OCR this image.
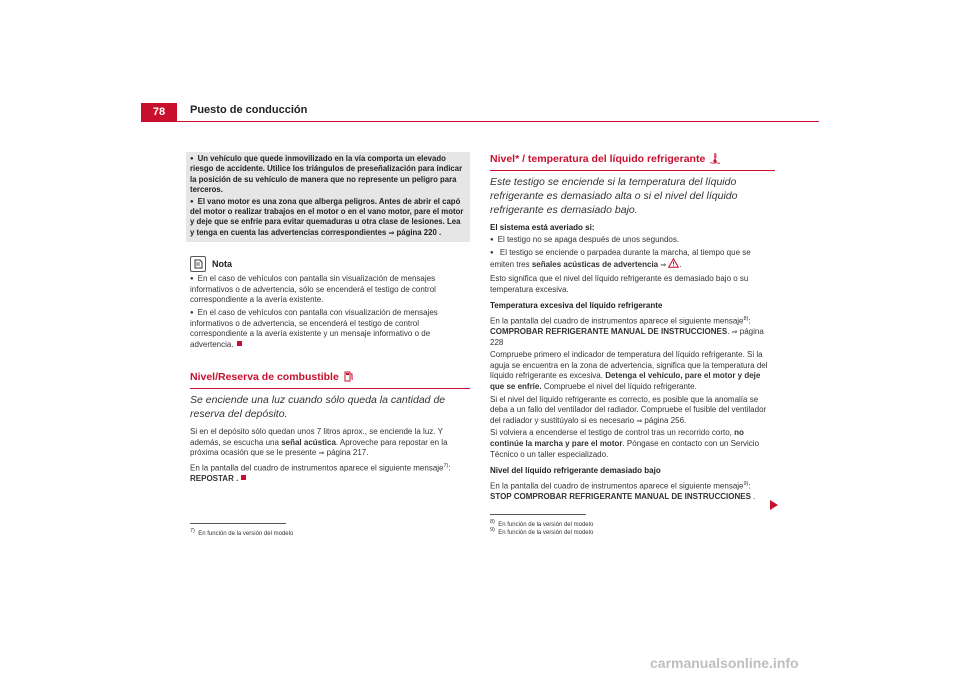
78	Puesto de conducción

● Un vehículo que quede inmovilizado en la vía comporta un elevado riesgo de accidente. Utilice los triángulos de preseñalización para indicar la posición de su vehículo de manera que no represente un peligro para terceros.

● El vano motor es una zona que alberga peligros. Antes de abrir el capó del motor o realizar trabajos en el motor o en el vano motor, pare el motor y deje que se enfríe para evitar quemaduras u otra clase de lesiones. Lea y tenga en cuenta las advertencias correspondientes ⇒ página 220 .

Nota

● En el caso de vehículos con pantalla sin visualización de mensajes informativos o de advertencia, sólo se encenderá el testigo de control correspondiente a la avería existente.

● En el caso de vehículos con pantalla con visualización de mensajes informativos o de advertencia, se encenderá el testigo de control correspondiente a la avería existente y un mensaje informativo o de advertencia.

Nivel/Reserva de combustible
Se enciende una luz cuando sólo queda la cantidad de reserva del depósito.

Si en el depósito sólo quedan unos 7 litros aprox., se enciende la luz. Y además, se escucha una señal acústica. Aproveche para repostar en la próxima ocasión que se le presente ⇒ página 217.

En la pantalla del cuadro de instrumentos aparece el siguiente mensaje$^{7)}$:
REPOSTAR .

$^{7)}$ En función de la versión del modelo
Nivel* / temperatura del líquido refrigerante
Este testigo se enciende si la temperatura del líquido refrigerante es demasiado alta o si el nivel del líquido refrigerante es demasiado bajo.
El sistema está averiado si:

● El testigo no se apaga después de unos segundos.

● El testigo se enciende o parpadea durante la marcha, al tiempo que se emiten tres señales acústicas de advertencia ⇒ .

Esto significa que el nivel del líquido refrigerante es demasiado bajo o su temperatura excesiva.

Temperatura excesiva del líquido refrigerante

En la pantalla del cuadro de instrumentos aparece el siguiente mensaje$^{8)}$:
COMPROBAR REFRIGERANTE MANUAL DE INSTRUCCIONES. ⇒ página 228

Compruebe primero el indicador de temperatura del líquido refrigerante. Si la aguja se encuentra en la zona de advertencia, significa que la temperatura del líquido refrigerante es excesiva. Detenga el vehículo, pare el motor y deje que se enfríe. Compruebe el nivel del líquido refrigerante.

Si el nivel del líquido refrigerante es correcto, es posible que la anomalía se deba a un fallo del ventilador del radiador. Compruebe el fusible del ventilador del radiador y sustitúyalo si es necesario ⇒ página 256.

Si volviera a encenderse el testigo de control tras un recorrido corto, no continúe la marcha y pare el motor. Póngase en contacto con un Servicio Técnico o un taller especializado.

Nivel del líquido refrigerante demasiado bajo

En la pantalla del cuadro de instrumentos aparece el siguiente mensaje$^{9)}$:
STOP COMPROBAR REFRIGERANTE MANUAL DE INSTRUCCIONES .

$^{8)}$ En función de la versión del modelo
$^{9)}$ En función de la versión del modelo
carmanualsonline.info
